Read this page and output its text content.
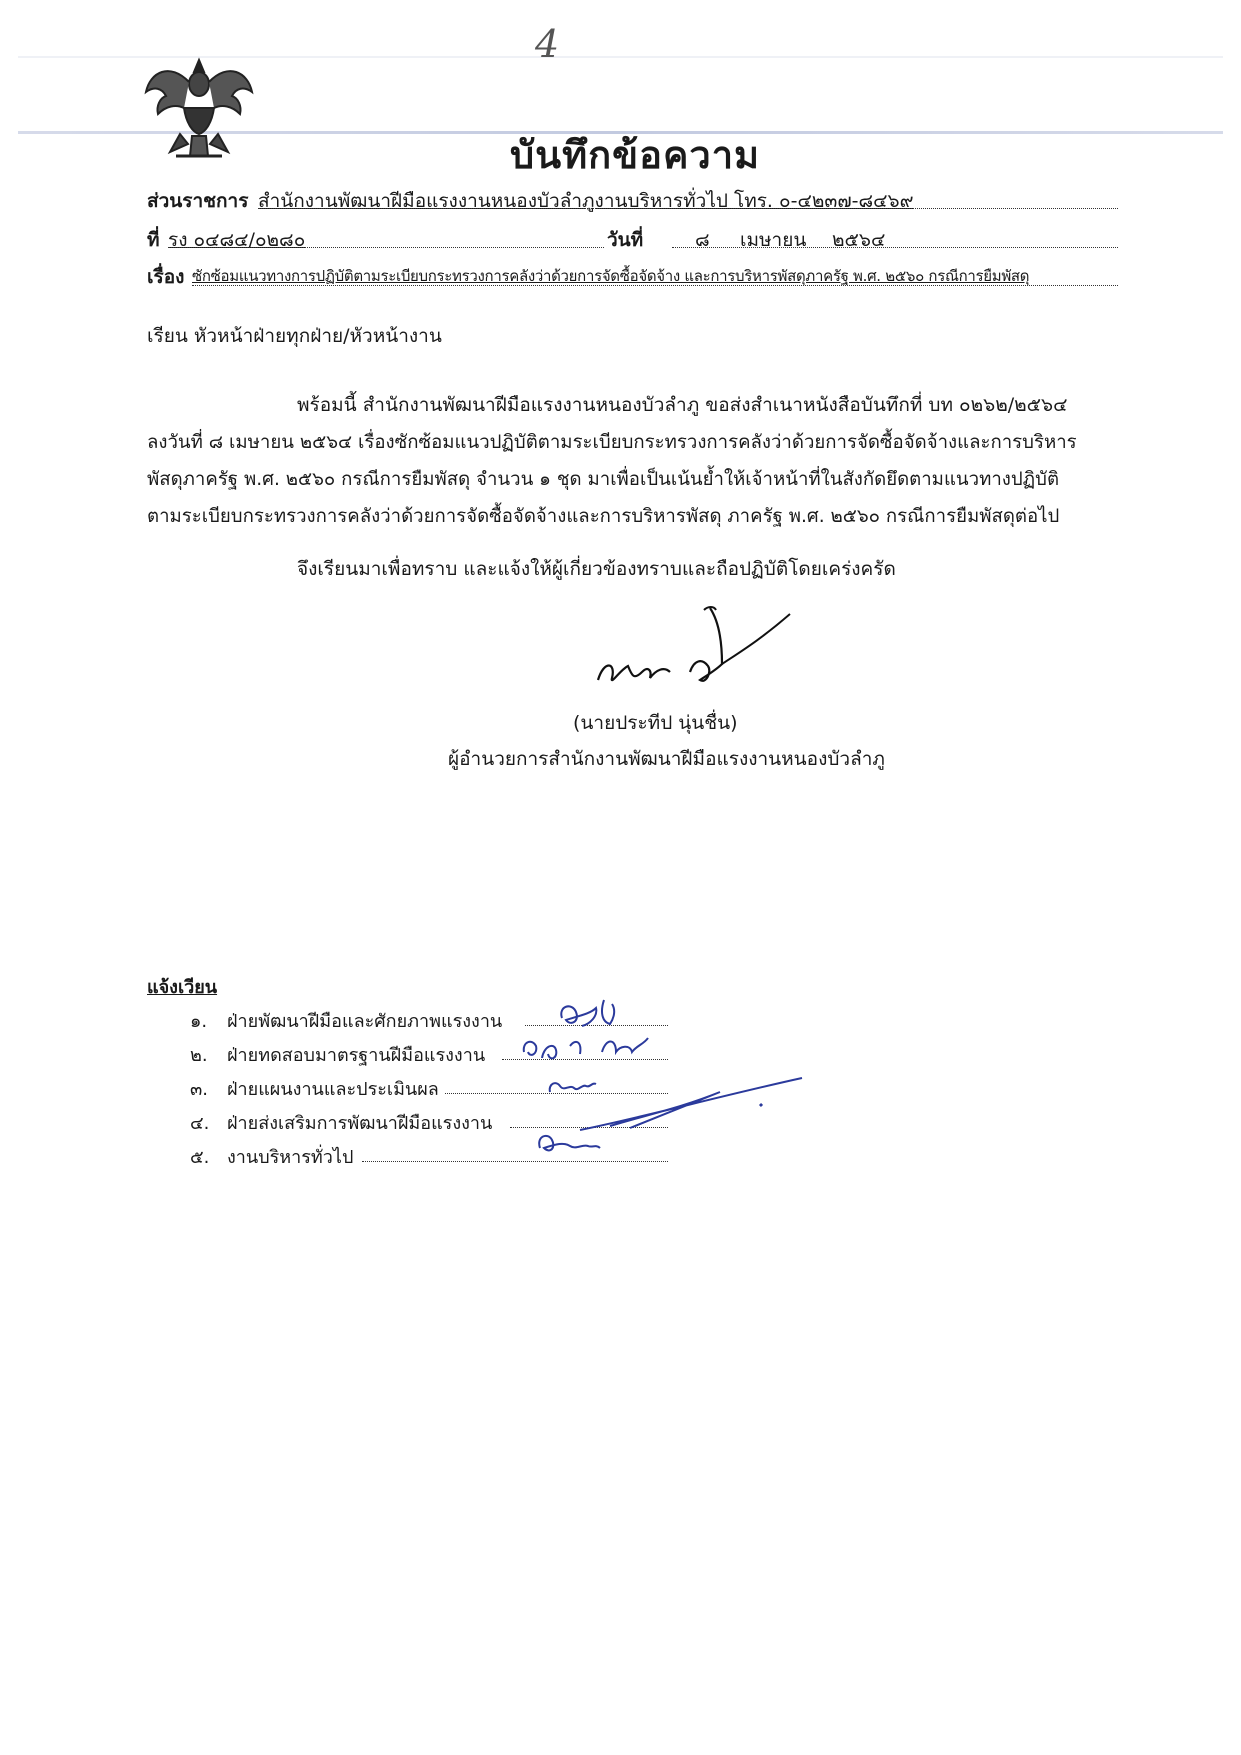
4
บันทึกข้อความ
ส่วนราชการ สำนักงานพัฒนาฝีมือแรงงานหนองบัวลำภูงานบริหารทั่วไป โทร. ๐-๔๒๓๗-๘๔๖๙
ที่ รง ๐๔๘๔/๐๒๘๐	วันที่	๘ เมษายน ๒๕๖๔
เรื่อง ซักซ้อมแนวทางการปฏิบัติตามระเบียบกระทรวงการคลังว่าด้วยการจัดซื้อจัดจ้าง และการบริหารพัสดุภาครัฐ พ.ศ. ๒๕๖๐ กรณีการยืมพัสดุ
เรียน หัวหน้าฝ่ายทุกฝ่าย/หัวหน้างาน
พร้อมนี้ สำนักงานพัฒนาฝีมือแรงงานหนองบัวลำภู ขอส่งสำเนาหนังสือบันทึกที่ บท ๐๒๖๒/๒๕๖๔
ลงวันที่ ๘ เมษายน ๒๕๖๔ เรื่องซักซ้อมแนวปฏิบัติตามระเบียบกระทรวงการคลังว่าด้วยการจัดซื้อจัดจ้างและการบริหาร
พัสดุภาครัฐ พ.ศ. ๒๕๖๐ กรณีการยืมพัสดุ จำนวน ๑ ชุด มาเพื่อเป็นเน้นย้ำให้เจ้าหน้าที่ในสังกัดยึดตามแนวทางปฏิบัติ
ตามระเบียบกระทรวงการคลังว่าด้วยการจัดซื้อจัดจ้างและการบริหารพัสดุ ภาครัฐ พ.ศ. ๒๕๖๐ กรณีการยืมพัสดุต่อไป
จึงเรียนมาเพื่อทราบ และแจ้งให้ผู้เกี่ยวข้องทราบและถือปฏิบัติโดยเคร่งครัด
(นายประทีป นุ่นชื่น)
ผู้อำนวยการสำนักงานพัฒนาฝีมือแรงงานหนองบัวลำภู
แจ้งเวียน
๑. ฝ่ายพัฒนาฝีมือและศักยภาพแรงงาน
๒. ฝ่ายทดสอบมาตรฐานฝีมือแรงงาน
๓. ฝ่ายแผนงานและประเมินผล
๔. ฝ่ายส่งเสริมการพัฒนาฝีมือแรงงาน
๕. งานบริหารทั่วไป
